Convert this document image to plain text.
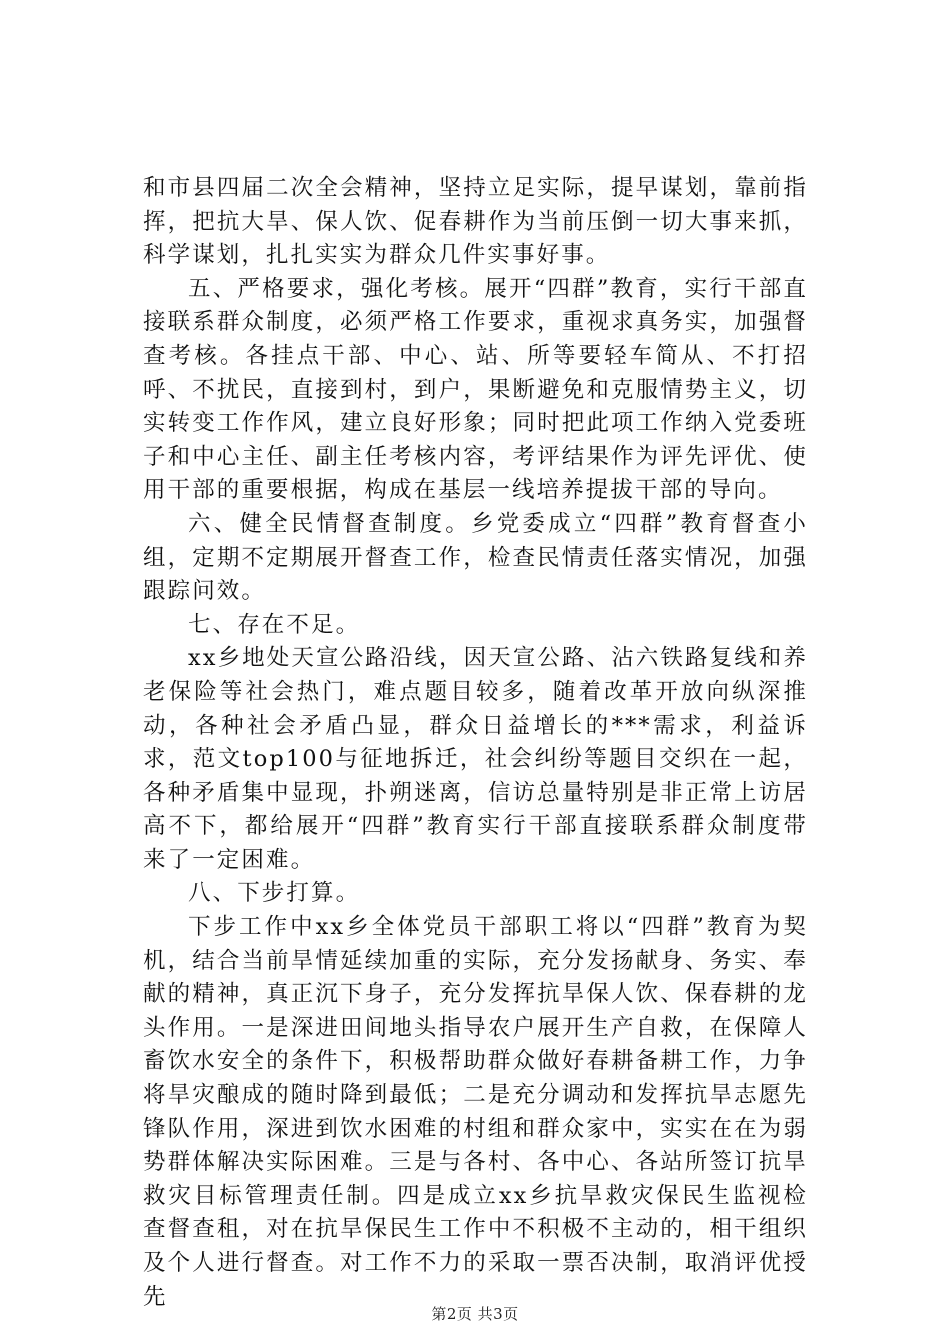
和市县四届二次全会精神，坚持立足实际，提早谋划，靠前指挥，把抗大旱、保人饮、促春耕作为当前压倒一切大事来抓，科学谋划，扎扎实实为群众几件实事好事。

五、严格要求，强化考核。展开“四群”教育，实行干部直接联系群众制度，必须严格工作要求，重视求真务实，加强督查考核。各挂点干部、中心、站、所等要轻车简从、不打招呼、不扰民，直接到村，到户，果断避免和克服情势主义，切实转变工作作风，建立良好形象；同时把此项工作纳入党委班子和中心主任、副主任考核内容，考评结果作为评先评优、使用干部的重要根据，构成在基层一线培养提拔干部的导向。

六、健全民情督查制度。乡党委成立“四群”教育督查小组，定期不定期展开督查工作，检查民情责任落实情况，加强跟踪问效。

七、存在不足。

xx乡地处天宣公路沿线，因天宣公路、沾六铁路复线和养老保险等社会热门，难点题目较多，随着改革开放向纵深推动，各种社会矛盾凸显，群众日益增长的***需求，利益诉求，范文top100与征地拆迁，社会纠纷等题目交织在一起，各种矛盾集中显现，扑朔迷离，信访总量特别是非正常上访居高不下，都给展开“四群”教育实行干部直接联系群众制度带来了一定困难。

八、下步打算。

下步工作中xx乡全体党员干部职工将以“四群”教育为契机，结合当前旱情延续加重的实际，充分发扬献身、务实、奉献的精神，真正沉下身子，充分发挥抗旱保人饮、保春耕的龙头作用。一是深进田间地头指导农户展开生产自救，在保障人畜饮水安全的条件下，积极帮助群众做好春耕备耕工作，力争将旱灾酿成的随时降到最低；二是充分调动和发挥抗旱志愿先锋队作用，深进到饮水困难的村组和群众家中，实实在在为弱势群体解决实际困难。三是与各村、各中心、各站所签订抗旱救灾目标管理责任制。四是成立xx乡抗旱救灾保民生监视检查督查租，对在抗旱保民生工作中不积极不主动的，相干组织及个人进行督查。对工作不力的采取一票否决制，取消评优授先

第2页 共3页
